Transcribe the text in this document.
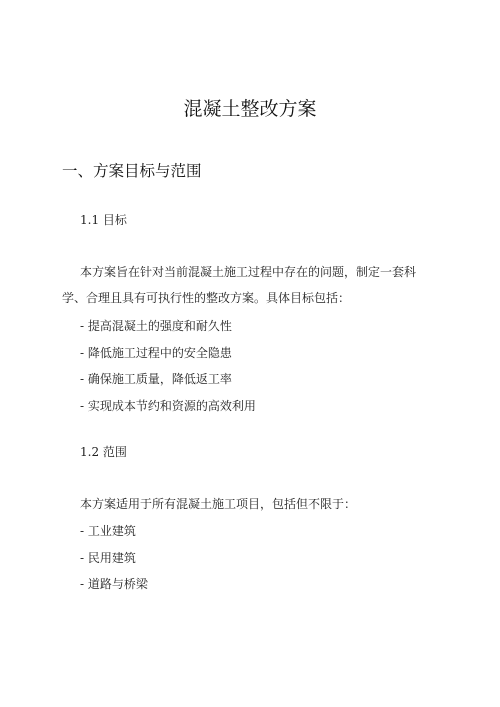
混凝土整改方案
一、方案目标与范围
1.1 目标
本方案旨在针对当前混凝土施工过程中存在的问题，制定一套科
学、合理且具有可执行性的整改方案。具体目标包括：
- 提高混凝土的强度和耐久性
- 降低施工过程中的安全隐患
- 确保施工质量，降低返工率
- 实现成本节约和资源的高效利用
1.2 范围
本方案适用于所有混凝土施工项目，包括但不限于：
- 工业建筑
- 民用建筑
- 道路与桥梁
